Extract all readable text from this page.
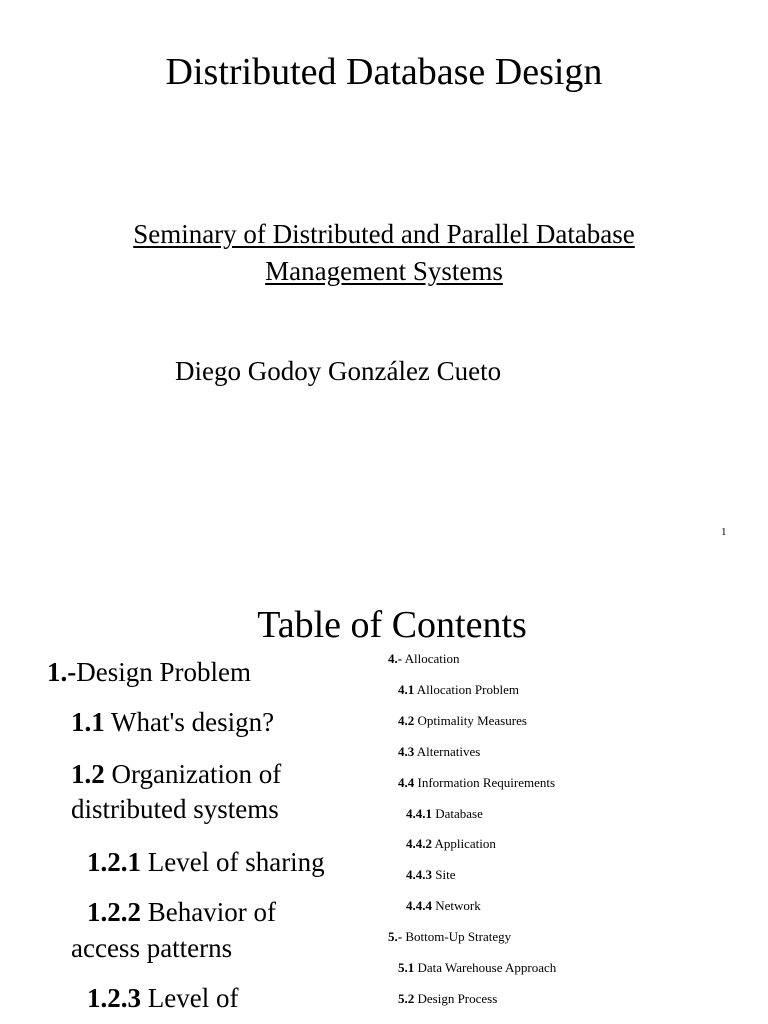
Distributed Database Design
Seminary of Distributed and Parallel Database
Management Systems

Diego Godoy González Cueto

1
Table of Contents
1.-Design Problem
1.1 What's design?
1.2 Organization of
distributed systems
1.2.1 Level of sharing
1.2.2 Behavior of
access patterns
1.2.3 Level of
4.- Allocation
4.1 Allocation Problem
4.2 Optimality Measures
4.3 Alternatives
4.4 Information Requirements
4.4.1 Database
4.4.2 Application
4.4.3 Site
4.4.4 Network
5.- Bottom-Up Strategy
5.1 Data Warehouse Approach
5.2 Design Process
